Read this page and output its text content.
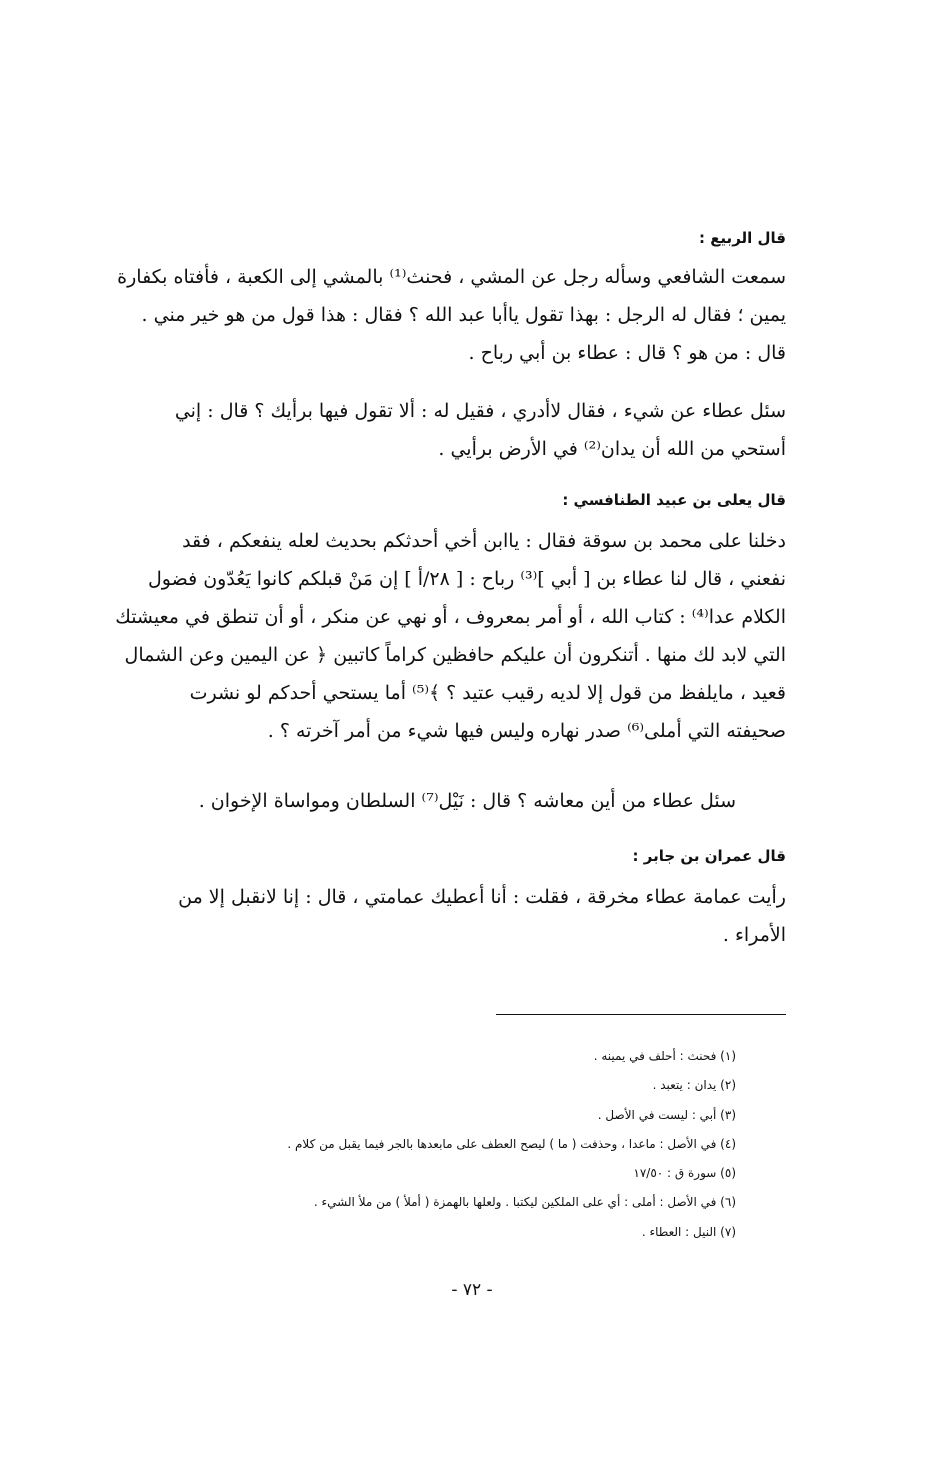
قال الربيع :
سمعت الشافعي وسأله رجل عن المشي ، فحنث⁽¹⁾ بالمشي إلى الكعبة ، فأفتاه بكفارة
يمين ؛ فقال له الرجل : بهذا تقول ياأبا عبد الله ؟ فقال : هذا قول من هو خير مني .
قال : من هو ؟ قال : عطاء بن أبي رباح .
سئل عطاء عن شيء ، فقال لاأدري ، فقيل له : ألا تقول فيها برأيك ؟ قال : إني
أستحي من الله أن يدان⁽²⁾ في الأرض برأيي .
قال يعلى بن عبيد الطنافسي :
دخلنا على محمد بن سوقة فقال : ياابن أخي أحدثكم بحديث لعله ينفعكم ، فقد
نفعني ، قال لنا عطاء بن [ أبي ]⁽³⁾ رباح : [ ٢٨/أ ] إن مَنْ قبلكم كانوا يَعُدّون فضول
الكلام عدا⁽⁴⁾ : كتاب الله ، أو أمر بمعروف ، أو نهي عن منكر ، أو أن تنطق في معيشتك
التي لابد لك منها . أتنكرون أن عليكم حافظين كراماً كاتبين ﴿ عن اليمين وعن الشمال
قعيد ، مايلفظ من قول إلا لديه رقيب عتيد ؟ ﴾⁽⁵⁾ أما يستحي أحدكم لو نشرت
صحيفته التي أملى⁽⁶⁾ صدر نهاره وليس فيها شيء من أمر آخرته ؟ .
سئل عطاء من أين معاشه ؟ قال : نَيْل⁽⁷⁾ السلطان ومواساة الإخوان .
قال عمران بن جابر :
رأيت عمامة عطاء مخرقة ، فقلت : أنا أعطيك عمامتي ، قال : إنا لانقبل إلا من
الأمراء .
(١) فحنث : أحلف في يمينه .
(٢) يدان : يتعبد .
(٣) أبي : ليست في الأصل .
(٤) في الأصل : ماعدا ، وحذفت ( ما ) ليصح العطف على مابعدها بالجر فيما يقبل من كلام .
(٥) سورة ق : ١٧/٥٠
(٦) في الأصل : أملى : أي على الملكين ليكتبا . ولعلها بالهمزة ( أملأ ) من ملأ الشيء .
(٧) النيل : العطاء .
- ٧٢ -
